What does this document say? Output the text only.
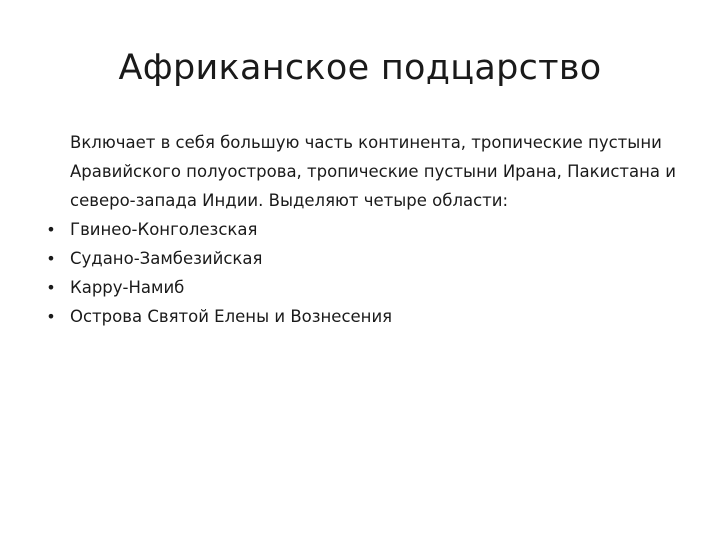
Африканское подцарство
Включает в себя большую часть континента, тропические пустыни
Аравийского полуострова, тропические пустыни Ирана, Пакистана и
северо-запада Индии. Выделяют четыре области:
• Гвинео-Конголезская
• Судано-Замбезийская
• Карру-Намиб
• Острова Святой Елены и Вознесения
